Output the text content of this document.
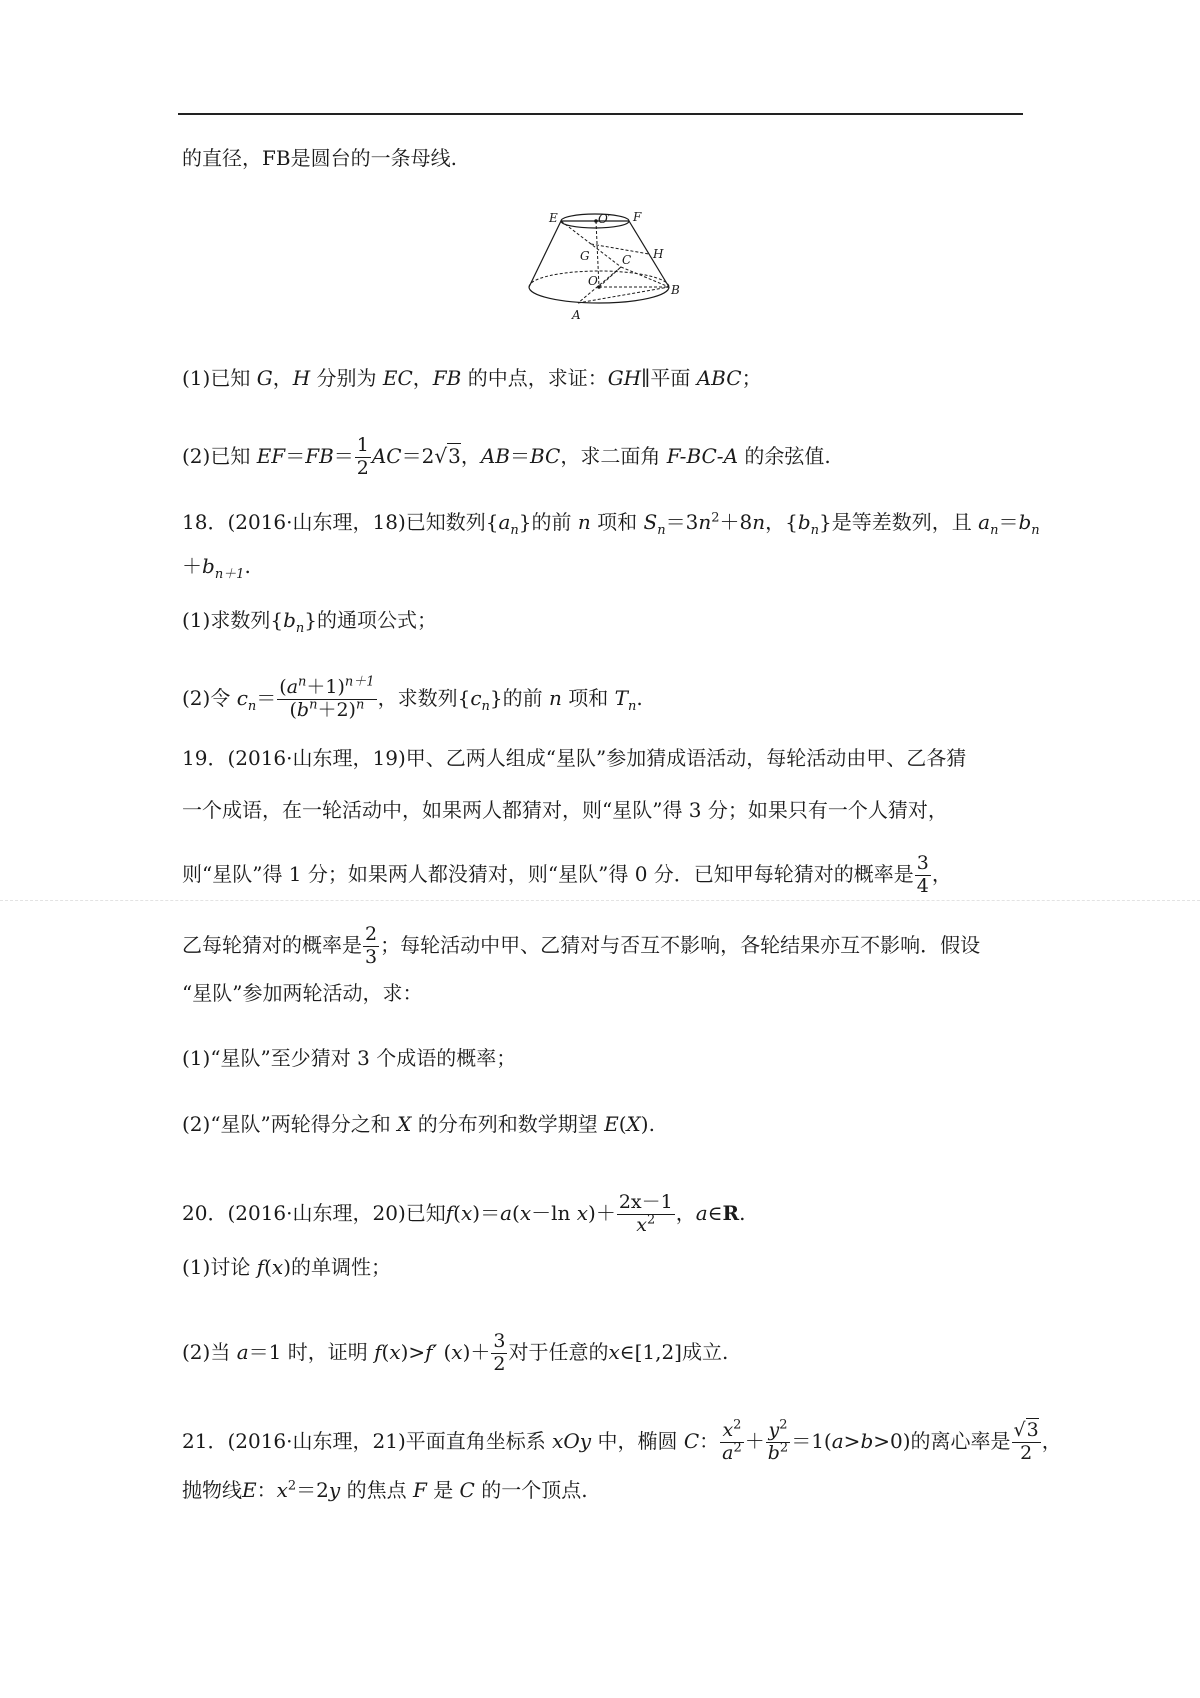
的直径，FB是圆台的一条母线.
E	O′ F
H
G	C
O
B
A
(1)已知 G，H 分别为 EC，FB 的中点，求证：GH∥平面 ABC；
(2)已知 $EF=FB= \frac{1}{2} AC=2√3$，AB＝BC，求二面角 F-BC-A 的余弦值.
18．(2016·山东理，18)已知数列$\{a_n\}$的前 n 项和 $S_n=3n^2+8n$，$\{b_n\}$是等差数列，且 $a_n=b_n$
$+b_{n+1}$.
(1)求数列$\{b_n\}$的通项公式；
(2)令 $c_n= \frac{(a^n+1)^{n+1}}{(b^n+2)^n}$ ，求数列$\{c_n\}$的前 n 项和 $T_n$.
19．(2016·山东理，19)甲、乙两人组成“星队”参加猜成语活动，每轮活动由甲、乙各猜
一个成语，在一轮活动中，如果两人都猜对，则“星队”得 3 分；如果只有一个人猜对，
则“星队”得 1 分；如果两人都没猜对，则“星队”得 0 分．已知甲每轮猜对的概率是 $\frac{3}{4}$ ，
乙每轮猜对的概率是 $\frac{2}{3}$ ；每轮活动中甲、乙猜对与否互不影响，各轮结果亦互不影响．假设
“星队”参加两轮活动，求：
(1)“星队”至少猜对 3 个成语的概率；
(2)“星队”两轮得分之和 X 的分布列和数学期望 E(X).
20．(2016·山东理，20)已知f(x)＝a(x－ln $x)+ \frac{2x-1}{x^2}$ ，a∈R.
(1)讨论 f(x)的单调性；
(2)当 a＝1 时，证明 f(x)>f′ $(x)+ \frac{3}{2}$ 对于任意的x∈[1,2]成立.
21．(2016·山东理，21)平面直角坐标系 xOy 中，椭圆 C： $\frac{x^2}{a^2} + \frac{y^2}{b^2} =1(a>b>0)$的离心率是 $\frac{√3}{2}$ ，
抛物线E：$x^2=2y$ 的焦点 F 是 C 的一个顶点.
